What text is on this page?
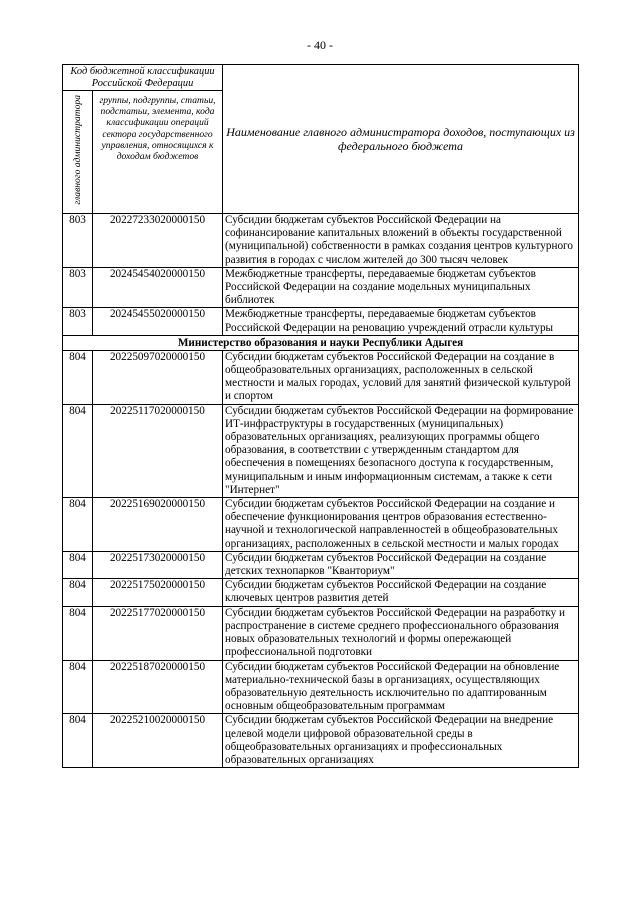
- 40 -
Код бюджетной классификации Российской Федерации		Наименование главного администратора доходов, поступающих из федерального бюджета
главного администратора	группы, подгруппы, статьи, подстатьи, элемента, кода классификации операций сектора государственного управления, относящихся к доходам бюджетов	
803	20227233020000150	Субсидии бюджетам субъектов Российской Федерации на софинансирование капитальных вложений в объекты государственной (муниципальной) собственности в рамках создания центров культурного развития в городах с числом жителей до 300 тысяч человек
803	20245454020000150	Межбюджетные трансферты, передаваемые бюджетам субъектов Российской Федерации на создание модельных муниципальных библиотек
803	20245455020000150	Межбюджетные трансферты, передаваемые бюджетам субъектов Российской Федерации на реновацию учреждений отрасли культуры
Министерство образования и науки Республики Адыгея		
804	20225097020000150	Субсидии бюджетам субъектов Российской Федерации на создание в общеобразовательных организациях, расположенных в сельской местности и малых городах, условий для занятий физической культурой и спортом
804	20225117020000150	Субсидии бюджетам субъектов Российской Федерации на формирование ИТ-инфраструктуры в государственных (муниципальных) образовательных организациях, реализующих программы общего образования, в соответствии с утвержденным стандартом для обеспечения в помещениях безопасного доступа к государственным, муниципальным и иным информационным системам, а также к сети "Интернет"
804	20225169020000150	Субсидии бюджетам субъектов Российской Федерации на создание и обеспечение функционирования центров образования естественно-научной и технологической направленностей в общеобразовательных организациях, расположенных в сельской местности и малых городах
804	20225173020000150	Субсидии бюджетам субъектов Российской Федерации на создание детских технопарков "Кванториум"
804	20225175020000150	Субсидии бюджетам субъектов Российской Федерации на создание ключевых центров развития детей
804	20225177020000150	Субсидии бюджетам субъектов Российской Федерации на разработку и распространение в системе среднего профессионального образования новых образовательных технологий и формы опережающей профессиональной подготовки
804	20225187020000150	Субсидии бюджетам субъектов Российской Федерации на обновление материально-технической базы в организациях, осуществляющих образовательную деятельность исключительно по адаптированным основным общеобразовательным программам
804	20225210020000150	Субсидии бюджетам субъектов Российской Федерации на внедрение целевой модели цифровой образовательной среды в общеобразовательных организациях и профессиональных образовательных организациях
